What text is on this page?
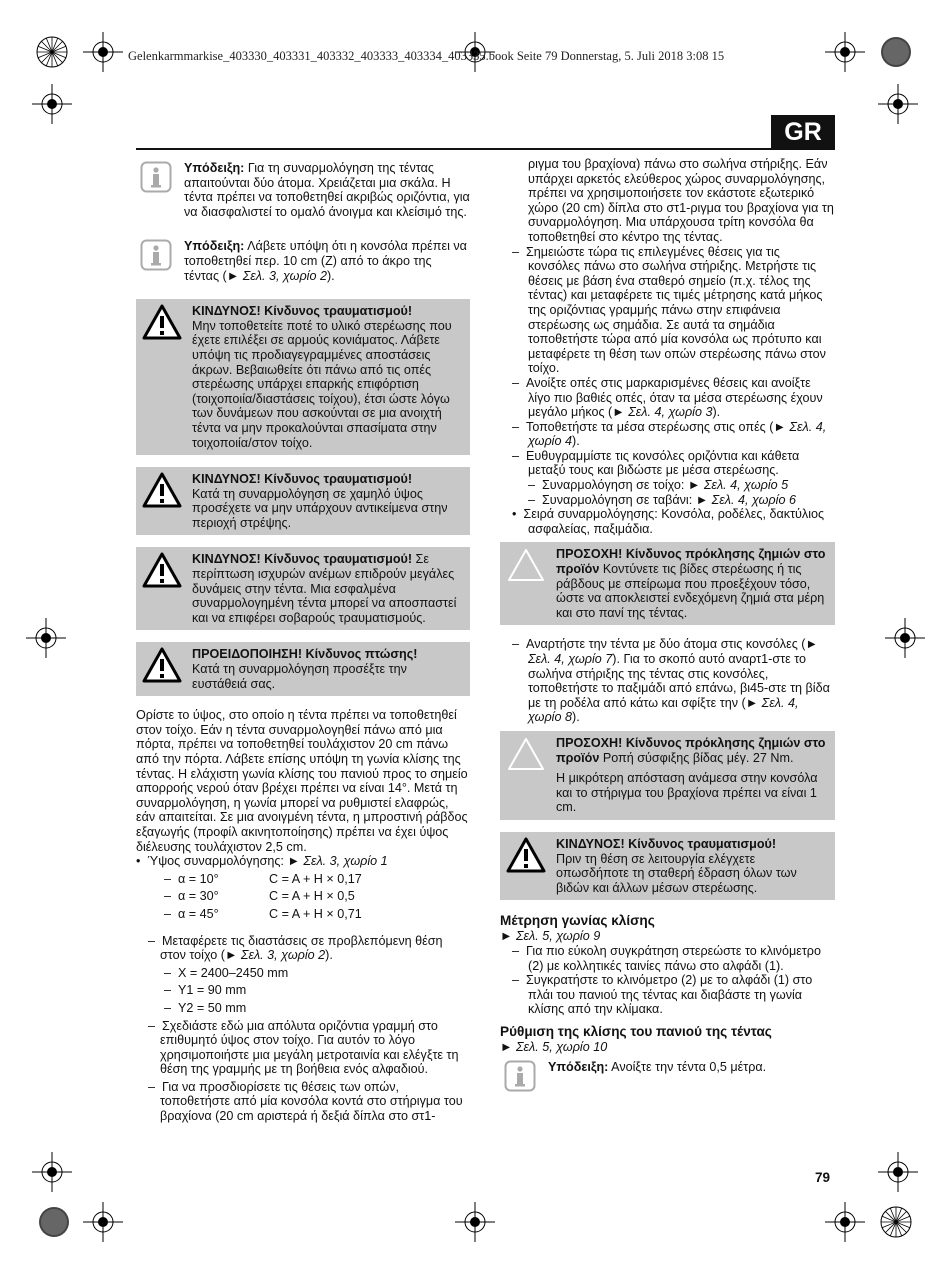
Gelenkarmmarkise_403330_403331_403332_403333_403334_403335.book Seite 79 Donnerstag, 5. Juli 2018 3:08 15
GR

Υπόδειξη: Για τη συναρμολόγηση της τέντας απαιτούνται δύο άτομα. Χρειάζεται μια σκάλα. Η τέντα πρέπει να τοποθετηθεί ακριβώς οριζόντια, για να διασφαλιστεί το ομαλό άνοιγμα και κλείσιμό της.

Υπόδειξη: Λάβετε υπόψη ότι η κονσόλα πρέπει να τοποθετηθεί περ. 10 cm (Z) από το άκρο της τέντας (► Σελ. 3, χωρίο 2).

ΚΙΝΔΥΝΟΣ! Κίνδυνος τραυματισμού!
Μην τοποθετείτε ποτέ το υλικό στερέωσης που έχετε επιλέξει σε αρμούς κονιάματος. Λάβετε υπόψη τις προδιαγεγραμμένες αποστάσεις άκρων. Βεβαιωθείτε ότι πάνω από τις οπές στερέωσης υπάρχει επαρκής επιφόρτιση (τοιχοποιία/διαστάσεις τοίχου), έτσι ώστε λόγω των δυνάμεων που ασκούνται σε μια ανοιχτή τέντα να μην προκαλούνται σπασίματα στην τοιχοποιία/στον τοίχο.
ΚΙΝΔΥΝΟΣ! Κίνδυνος τραυματισμού!
Κατά τη συναρμολόγηση σε χαμηλό ύψος προσέχετε να μην υπάρχουν αντικείμενα στην περιοχή στρέψης.
ΚΙΝΔΥΝΟΣ! Κίνδυνος τραυματισμού! Σε περίπτωση ισχυρών ανέμων επιδρούν μεγάλες δυνάμεις στην τέντα. Μια εσφαλμένα συναρμολογημένη τέντα μπορεί να αποσπαστεί και να επιφέρει σοβαρούς τραυματισμούς.
ΠΡΟΕΙΔΟΠΟΙΗΣΗ! Κίνδυνος πτώσης!
Κατά τη συναρμολόγηση προσέξτε την ευστάθειά σας.

Ορίστε το ύψος, στο οποίο η τέντα πρέπει να τοποθετηθεί στον τοίχο. Εάν η τέντα συναρμολογηθεί πάνω από μια πόρτα, πρέπει να τοποθετηθεί τουλάχιστον 20 cm πάνω από την πόρτα. Λάβετε επίσης υπόψη τη γωνία κλίσης της τέντας. Η ελάχιστη γωνία κλίσης του πανιού προς το σημείο απορροής νερού όταν βρέχει πρέπει να είναι 14°. Μετά τη συναρμολόγηση, η γωνία μπορεί να ρυθμιστεί ελαφρώς, εάν απαιτείται. Σε μια ανοιγμένη τέντα, η μπροστινή ράβδος εξαγωγής (προφίλ ακινητοποίησης) πρέπει να έχει ύψος διέλευσης τουλάχιστον 2,5 cm.

•  Ύψος συναρμολόγησης: ► Σελ. 3, χωρίο 1

–  α = 10°	C = A + H × 0,17
–  α = 30°	C = A + H × 0,5
–  α = 45°	C = A + H × 0,71

–  Μεταφέρετε τις διαστάσεις σε προβλεπόμενη θέση στον τοίχο (► Σελ. 3, χωρίο 2).

–  X = 2400–2450 mm

–  Y1 = 90 mm

–  Y2 = 50 mm

–  Σχεδιάστε εδώ μια απόλυτα οριζόντια γραμμή στο επιθυμητό ύψος στον τοίχο. Για αυτόν το λόγο χρησιμοποιήστε μια μεγάλη μετροταινία και ελέγξτε τη θέση της γραμμής με τη βοήθεια ενός αλφαδιού.

–  Για να προσδιορίσετε τις θέσεις των οπών, τοποθετήστε από μία κονσόλα κοντά στο στήριγμα του βραχίονα (20 cm αριστερά ή δεξιά δίπλα στο στ1-

ριγμα του βραχίονα) πάνω στο σωλήνα στήριξης. Εάν υπάρχει αρκετός ελεύθερος χώρος συναρμολόγησης, πρέπει να χρησιμοποιήσετε τον εκάστοτε εξωτερικό χώρο (20 cm) δίπλα στο στ1-ριγμα του βραχίονα για τη συναρμολόγηση. Μια υπάρχουσα τρίτη κονσόλα θα τοποθετηθεί στο κέντρο της τέντας.

–  Σημειώστε τώρα τις επιλεγμένες θέσεις για τις κονσόλες πάνω στο σωλήνα στήριξης. Μετρήστε τις θέσεις με βάση ένα σταθερό σημείο (π.χ. τέλος της τέντας) και μεταφέρετε τις τιμές μέτρησης κατά μήκος της οριζόντιας γραμμής πάνω στην επιφάνεια στερέωσης ως σημάδια. Σε αυτά τα σημάδια τοποθετήστε τώρα από μία κονσόλα ως πρότυπο και μεταφέρετε τη θέση των οπών στερέωσης πάνω στον τοίχο.

–  Ανοίξτε οπές στις μαρκαρισμένες θέσεις και ανοίξτε λίγο πιο βαθιές οπές, όταν τα μέσα στερέωσης έχουν μεγάλο μήκος (► Σελ. 4, χωρίο 3).

–  Τοποθετήστε τα μέσα στερέωσης στις οπές (► Σελ. 4, χωρίο 4).

–  Ευθυγραμμίστε τις κονσόλες οριζόντια και κάθετα μεταξύ τους και βιδώστε με μέσα στερέωσης.

–  Συναρμολόγηση σε τοίχο: ► Σελ. 4, χωρίο 5

–  Συναρμολόγηση σε ταβάνι: ► Σελ. 4, χωρίο 6

•  Σειρά συναρμολόγησης: Κονσόλα, ροδέλες, δακτύλιος ασφαλείας, παξιμάδια.

ΠΡΟΣΟΧΗ! Κίνδυνος πρόκλησης ζημιών στο προϊόν Κοντύνετε τις βίδες στερέωσης ή τις ράβδους με σπείρωμα που προεξέχουν τόσο, ώστε να αποκλειστεί ενδεχόμενη ζημιά στα μέρη και στο πανί της τέντας.

–  Αναρτήστε την τέντα με δύο άτομα στις κονσόλες (► Σελ. 4, χωρίο 7). Για το σκοπό αυτό αναρτ1-στε το σωλήνα στήριξης της τέντας στις κονσόλες, τοποθετήστε το παξιμάδι από επάνω, βι45-στε τη βίδα με τη ροδέλα από κάτω και σφίξτε την (► Σελ. 4, χωρίο 8).

ΠΡΟΣΟΧΗ! Κίνδυνος πρόκλησης ζημιών στο προϊόν Ροπή σύσφιξης βίδας μέγ. 27 Nm.
Η μικρότερη απόσταση ανάμεσα στην κονσόλα και το στήριγμα του βραχίονα πρέπει να είναι 1 cm.
ΚΙΝΔΥΝΟΣ! Κίνδυνος τραυματισμού!
Πριν τη θέση σε λειτουργία ελέγχετε οπωσδήποτε τη σταθερή έδραση όλων των βιδών και άλλων μέσων στερέωσης.
Μέτρηση γωνίας κλίσης

► Σελ. 5, χωρίο 9

–  Για πιο εύκολη συγκράτηση στερεώστε το κλινόμετρο (2) με κολλητικές ταινίες πάνω στο αλφάδι (1).

–  Συγκρατήστε το κλινόμετρο (2) με το αλφάδι (1) στο πλάι του πανιού της τέντας και διαβάστε τη γωνία κλίσης από την κλίμακα.

Ρύθμιση της κλίσης του πανιού της τέντας

► Σελ. 5, χωρίο 10

Υπόδειξη: Ανοίξτε την τέντα 0,5 μέτρα.

79
